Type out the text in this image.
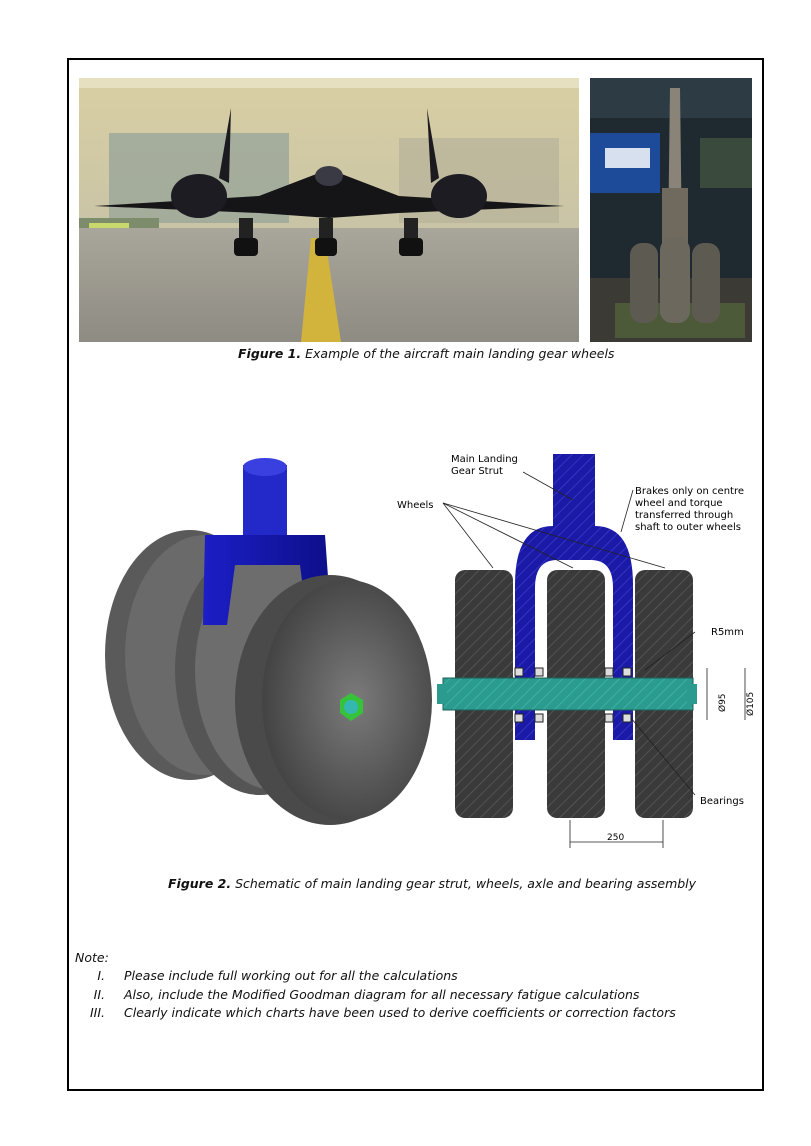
Figure 1. Example of the aircraft main landing gear wheels
Main Landing
Gear Strut
Wheels
Brakes only on centre
wheel and torque
transferred through
shaft to outer wheels
R5mm
Ø95 Ø105
Bearings
250
Figure 2. Schematic of main landing gear strut, wheels, axle and bearing assembly
Note:
I. Please include full working out for all the calculations
II. Also, include the Modified Goodman diagram for all necessary fatigue calculations
III. Clearly indicate which charts have been used to derive coefficients or correction factors
